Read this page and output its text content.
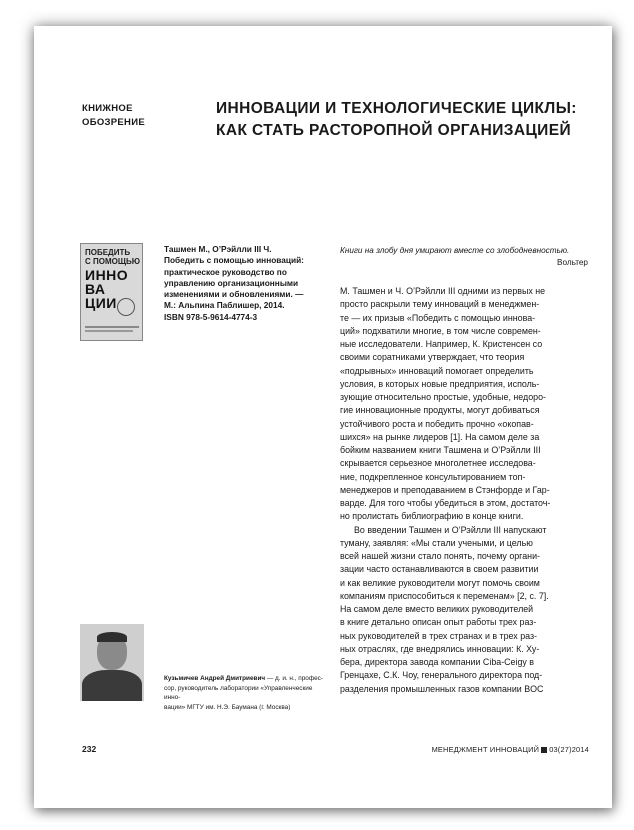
КНИЖНОЕ
ОБОЗРЕНИЕ
ИННОВАЦИИ И ТЕХНОЛОГИЧЕСКИЕ ЦИКЛЫ:
КАК СТАТЬ РАСТОРОПНОЙ ОРГАНИЗАЦИЕЙ
ПОБЕДИТЬ
С ПОМОЩЬЮ
ИННО
ВА
ЦИИ
Ташмен М., О’Рэйлли III Ч.
Победить с помощью инноваций:
практическое руководство по
управлению организационными
изменениями и обновлениями. —
М.: Альпина Паблишер, 2014.
ISBN 978-5-9614-4774-3
Книги на злобу дня умирают вместе со злободневностью.
Вольтер

М. Ташмен и Ч. О’Рэйлли III одними из первых не
просто раскрыли тему инноваций в менеджмен-
те — их призыв «Победить с помощью иннова-
ций» подхватили многие, в том числе современ-
ные исследователи. Например, К. Кристенсен со
своими соратниками утверждает, что теория
«подрывных» инноваций помогает определить
условия, в которых новые предприятия, исполь-
зующие относительно простые, удобные, недоро-
гие инновационные продукты, могут добиваться
устойчивого роста и победить прочно «окопав-
шихся» на рынке лидеров [1]. На самом деле за
бойким названием книги Ташмена и О’Рэйлли III
скрывается серьезное многолетнее исследова-
ние, подкрепленное консультированием топ-
менеджеров и преподаванием в Стэнфорде и Гар-
варде. Для того чтобы убедиться в этом, достаточ-
но пролистать библиографию в конце книги.

Во введении Ташмен и О’Рэйлли III напускают
туману, заявляя: «Мы стали учеными, и целью
всей нашей жизни стало понять, почему органи-
зации часто останавливаются в своем развитии
и как великие руководители могут помочь своим
компаниям приспособиться к переменам» [2, с. 7].
На самом деле вместо великих руководителей
в книге детально описан опыт работы трех раз-
ных руководителей в трех странах и в трех раз-
ных отраслях, где внедрялись инновации: К. Ху-
бера, директора завода компании Ciba-Ceigy в
Гренцахе, С.К. Чоу, генерального директора под-
разделения промышленных газов компании BOC

Кузьмичев Андрей Дмитриевич — д. и. н., профес-
сор, руководитель лаборатории «Управленческие инно-
вации» МГТУ им. Н.Э. Баумана (г. Москва)
232	МЕНЕДЖМЕНТ ИННОВАЦИЙ 03(27)2014
